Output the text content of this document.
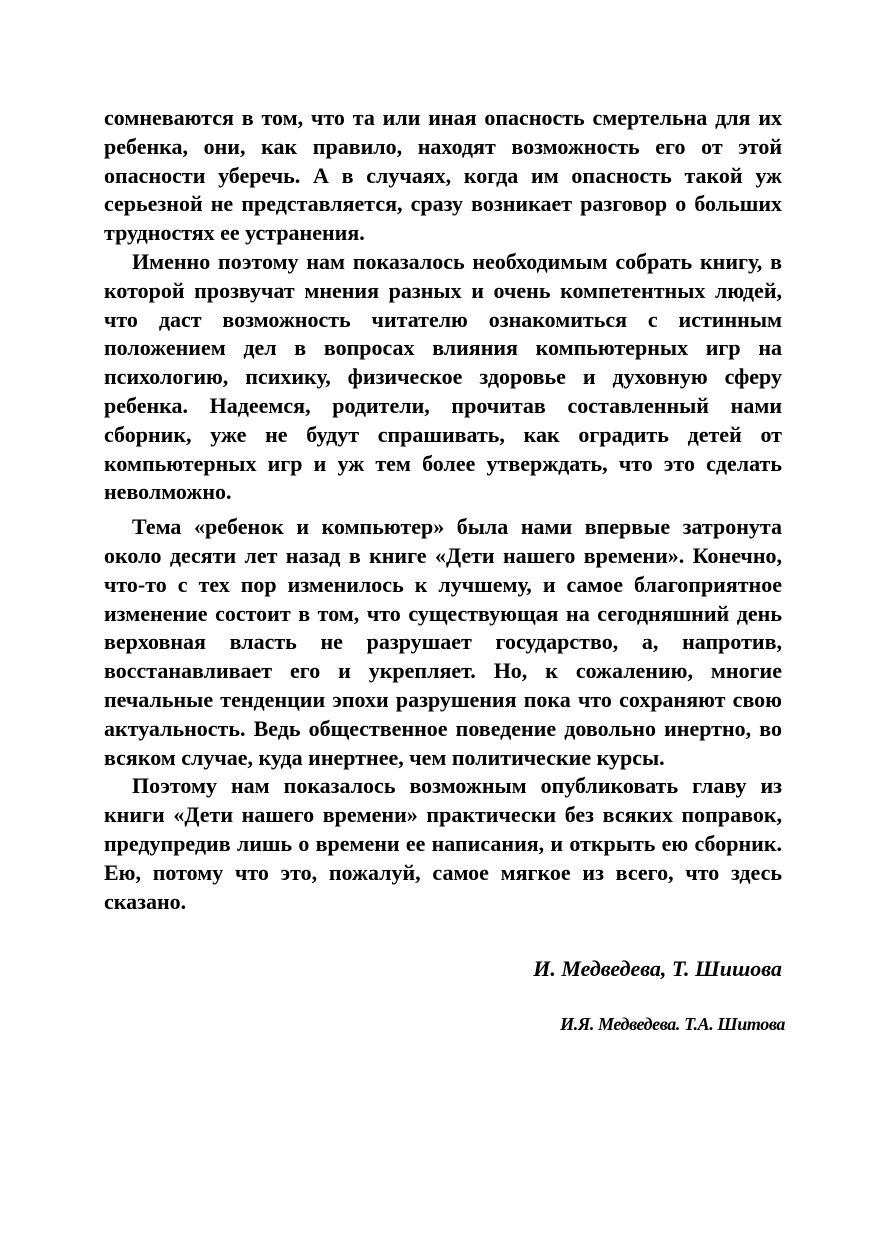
сомневаются в том, что та или иная опасность смертельна для их ребенка, они, как правило, находят возможность его от этой опасности уберечь. А в случаях, когда им опасность такой уж серьезной не представляется, сразу возникает разговор о больших трудностях ее устранения.

Именно поэтому нам показалось необходимым собрать книгу, в которой прозвучат мнения разных и очень компетентных людей, что даст возможность читателю ознакомиться с истинным положением дел в вопросах влияния компьютерных игр на психологию, психику, физическое здоровье и духовную сферу ребенка. Надеемся, родители, прочитав составленный нами сборник, уже не будут спрашивать, как оградить детей от компьютерных игр и уж тем более утверждать, что это сделать неволможно.

Тема «ребенок и компьютер» была нами впервые затронута около десяти лет назад в книге «Дети нашего времени». Конечно, что-то с тех пор изменилось к лучшему, и самое благоприятное изменение состоит в том, что существующая на сегодняшний день верховная власть не разрушает государство, а, напротив, восстанавливает его и укрепляет. Но, к сожалению, многие печальные тенденции эпохи разрушения пока что сохраняют свою актуальность. Ведь общественное поведение довольно инертно, во всяком случае, куда инертнее, чем политические курсы.

Поэтому нам показалось возможным опубликовать главу из книги «Дети нашего времени» практически без всяких поправок, предупредив лишь о времени ее написания, и открыть ею сборник. Ею, потому что это, пожалуй, самое мягкое из всего, что здесь сказано.

И. Медведева, Т. Шишова
И.Я. Медведева. Т.А. Шитова
